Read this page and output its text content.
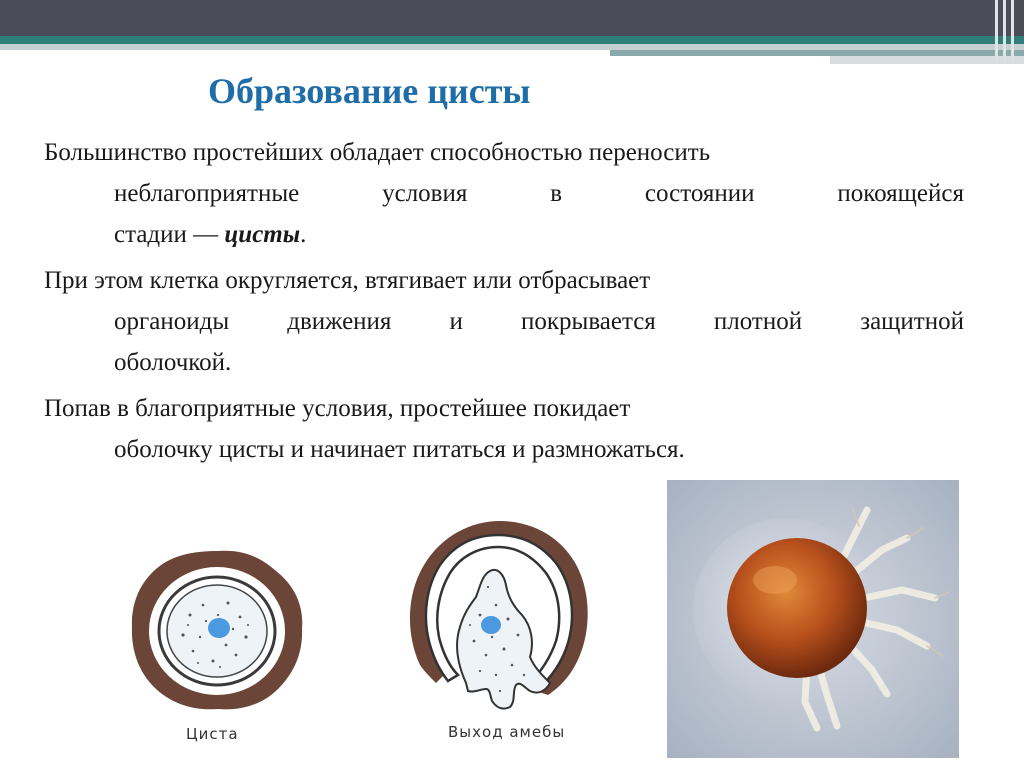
Образование цисты
Большинство простейших обладает способностью переносить
неблагоприятные условия в состоянии покоящейся
стадии — цисты.
При этом клетка округляется, втягивает или отбрасывает
органоиды движения и покрывается плотной защитной
оболочкой.
Попав в благоприятные условия, простейшее покидает
оболочку цисты и начинает питаться и размножаться.
Циста	Выход амебы
